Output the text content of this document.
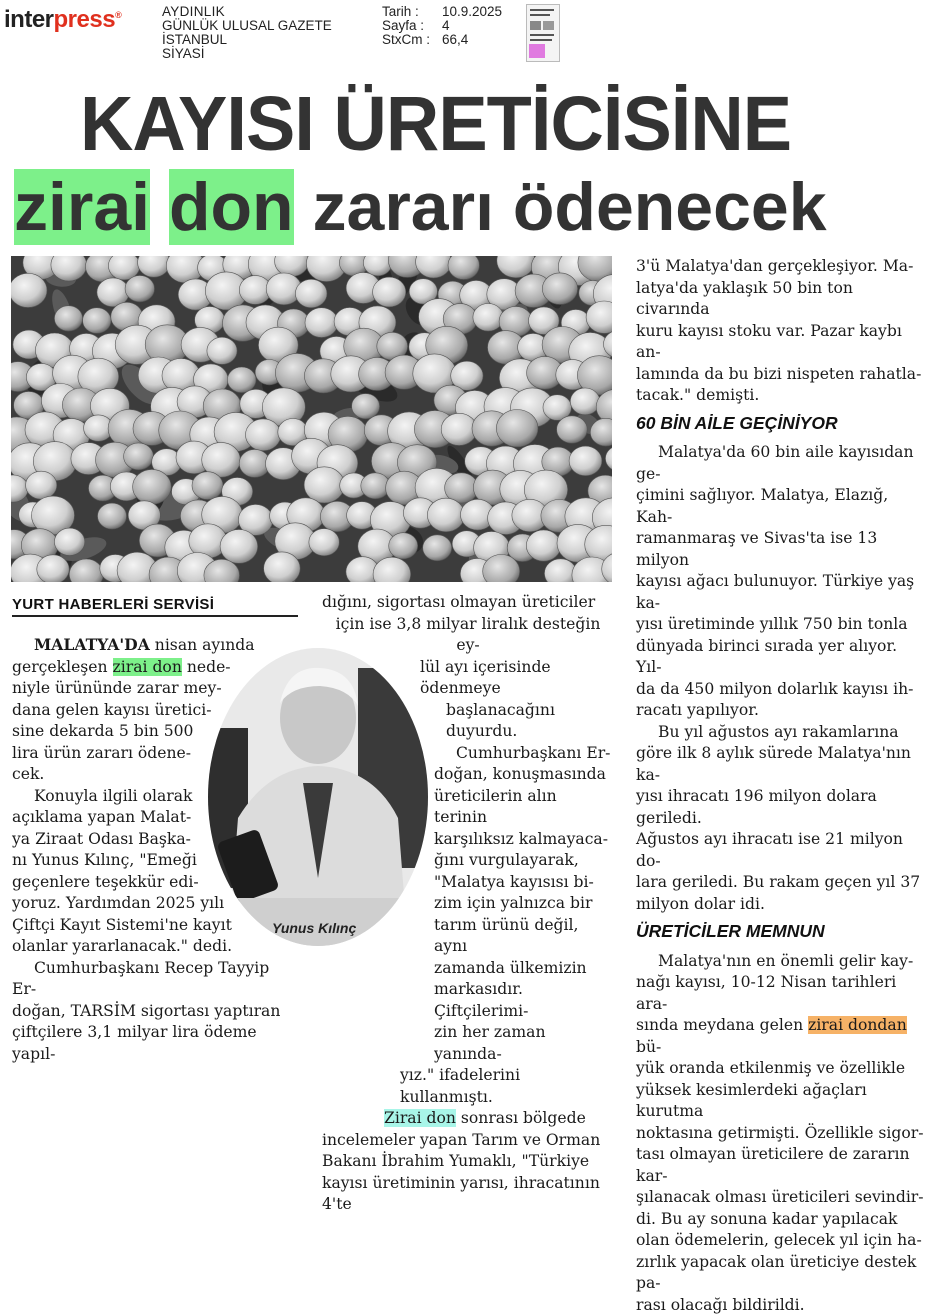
interpress®	AYDINLIK
GÜNLÜK ULUSAL GAZETE
İSTANBUL
SİYASİ
Tarih :
Sayfa :
StxCm :
10.9.2025
4
66,4
KAYISI ÜRETİCİSİNE
zirai don zararı ödenecek
YURT HABERLERİ SERVİSİ
Yunus Kılınç

MALATYA'DA nisan ayında

gerçekleşen zirai don nede-

niyle ürününde zarar mey-

dana gelen kayısı üretici-

sine dekarda 5 bin 500

lira ürün zararı ödene-

cek.

Konuyla ilgili olarak

açıklama yapan Malat-

ya Ziraat Odası Başka-

nı Yunus Kılınç, "Emeği

geçenlere teşekkür edi-

yoruz. Yardımdan 2025 yılı

Çiftçi Kayıt Sistemi'ne kayıt

olanlar yararlanacak." dedi.

Cumhurbaşkanı Recep Tayyip Er-

doğan, TARSİM sigortası yaptıran

çiftçilere 3,1 milyar lira ödeme yapıl-

dığını, sigortası olmayan üreticiler

için ise 3,8 milyar liralık desteğin ey-

lül ayı içerisinde ödenmeye

başlanacağını duyurdu.

Cumhurbaşkanı Er-

doğan, konuşmasında

üreticilerin alın terinin

karşılıksız kalmayaca-

ğını vurgulayarak,

"Malatya kayısısı bi-

zim için yalnızca bir

tarım ürünü değil, aynı

zamanda ülkemizin

markasıdır. Çiftçilerimi-

zin her zaman yanında-

yız." ifadelerini kullanmıştı.

Zirai don sonrası bölgede

incelemeler yapan Tarım ve Orman

Bakanı İbrahim Yumaklı, "Türkiye

kayısı üretiminin yarısı, ihracatının 4'te

3'ü Malatya'dan gerçekleşiyor. Ma-

latya'da yaklaşık 50 bin ton civarında

kuru kayısı stoku var. Pazar kaybı an-

lamında da bu bizi nispeten rahatla-

tacak." demişti.

60 BİN AİLE GEÇİNİYOR

Malatya'da 60 bin aile kayısıdan ge-

çimini sağlıyor. Malatya, Elazığ, Kah-

ramanmaraş ve Sivas'ta ise 13 milyon

kayısı ağacı bulunuyor. Türkiye yaş ka-

yısı üretiminde yıllık 750 bin tonla

dünyada birinci sırada yer alıyor. Yıl-

da da 450 milyon dolarlık kayısı ih-

racatı yapılıyor.

Bu yıl ağustos ayı rakamlarına

göre ilk 8 aylık sürede Malatya'nın ka-

yısı ihracatı 196 milyon dolara geriledi.

Ağustos ayı ihracatı ise 21 milyon do-

lara geriledi. Bu rakam geçen yıl 37

milyon dolar idi.

ÜRETİCİLER MEMNUN

Malatya'nın en önemli gelir kay-

nağı kayısı, 10-12 Nisan tarihleri ara-

sında meydana gelen zirai dondan bü-

yük oranda etkilenmiş ve özellikle

yüksek kesimlerdeki ağaçları kurutma

noktasına getirmişti. Özellikle sigor-

tası olmayan üreticilere de zararın kar-

şılanacak olması üreticileri sevindir-

di. Bu ay sonuna kadar yapılacak

olan ödemelerin, gelecek yıl için ha-

zırlık yapacak olan üreticiye destek pa-

rası olacağı bildirildi.
